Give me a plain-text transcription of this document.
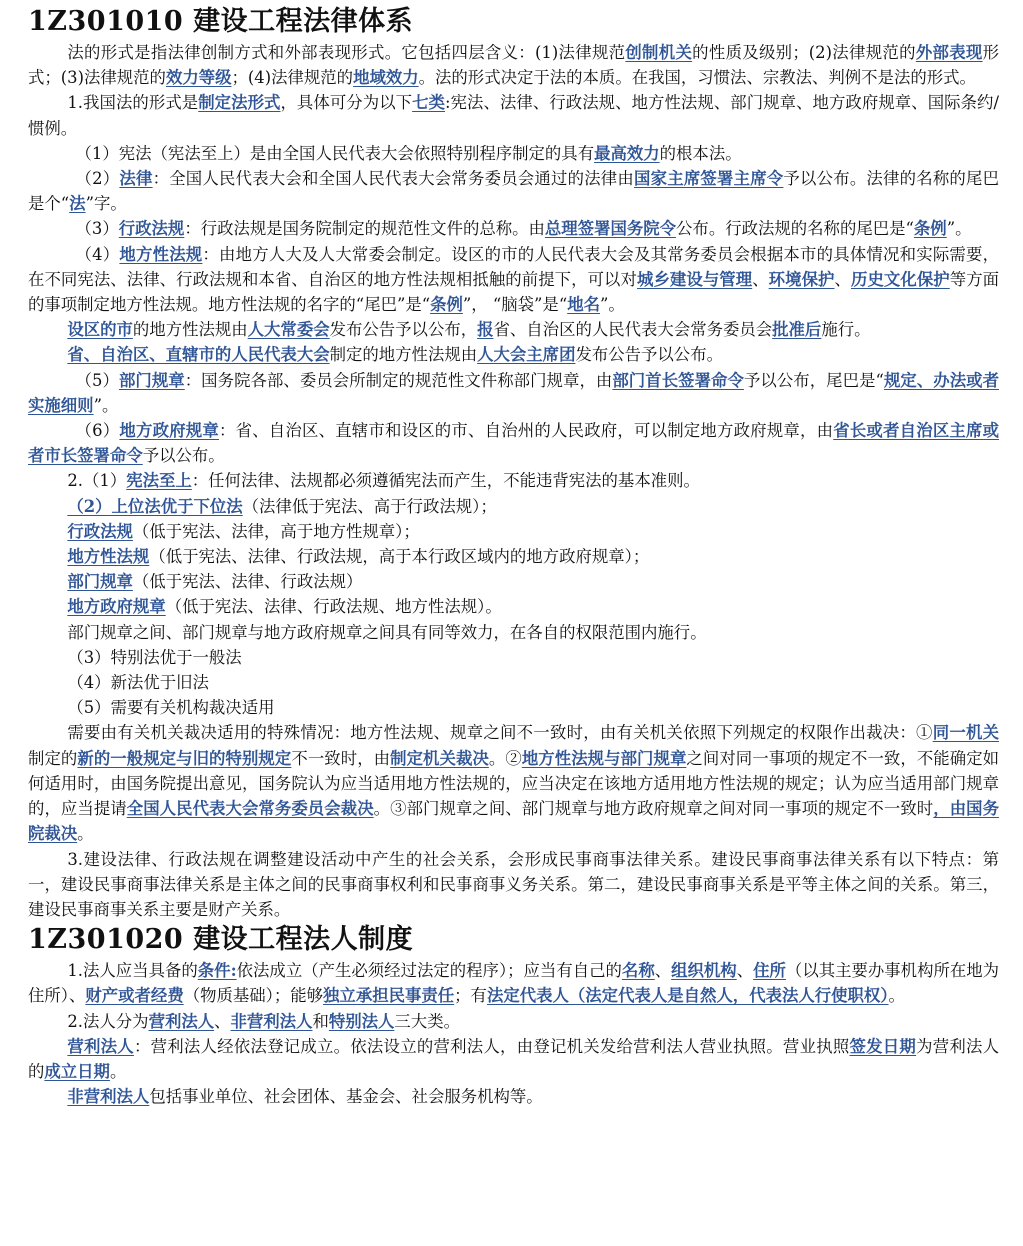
1Z301010 建设工程法律体系

法的形式是指法律创制方式和外部表现形式。它包括四层含义：(1)法律规范创制机关的性质及级别；(2)法律规范的外部表现形式；(3)法律规范的效力等级；(4)法律规范的地域效力。法的形式决定于法的本质。在我国，习惯法、宗教法、判例不是法的形式。

1.我国法的形式是制定法形式，具体可分为以下七类:宪法、法律、行政法规、地方性法规、部门规章、地方政府规章、国际条约/惯例。

（1）宪法（宪法至上）是由全国人民代表大会依照特别程序制定的具有最高效力的根本法。

（2）法律：全国人民代表大会和全国人民代表大会常务委员会通过的法律由国家主席签署主席令予以公布。法律的名称的尾巴是个“法”字。

（3）行政法规：行政法规是国务院制定的规范性文件的总称。由总理签署国务院令公布。行政法规的名称的尾巴是“条例”。

（4）地方性法规：由地方人大及人大常委会制定。设区的市的人民代表大会及其常务委员会根据本市的具体情况和实际需要，在不同宪法、法律、行政法规和本省、自治区的地方性法规相抵触的前提下，可以对城乡建设与管理、环境保护、历史文化保护等方面的事项制定地方性法规。地方性法规的名字的“尾巴”是“条例”， “脑袋”是“地名”。

设区的市的地方性法规由人大常委会发布公告予以公布，报省、自治区的人民代表大会常务委员会批准后施行。

省、自治区、直辖市的人民代表大会制定的地方性法规由人大会主席团发布公告予以公布。

（5）部门规章：国务院各部、委员会所制定的规范性文件称部门规章，由部门首长签署命令予以公布，尾巴是“规定、办法或者实施细则”。

（6）地方政府规章：省、自治区、直辖市和设区的市、自治州的人民政府，可以制定地方政府规章，由省长或者自治区主席或者市长签署命令予以公布。

2.（1）宪法至上：任何法律、法规都必须遵循宪法而产生，不能违背宪法的基本准则。

（2）上位法优于下位法（法律低于宪法、高于行政法规）；

行政法规（低于宪法、法律，高于地方性规章）；

地方性法规（低于宪法、法律、行政法规，高于本行政区域内的地方政府规章）；

部门规章（低于宪法、法律、行政法规）

地方政府规章（低于宪法、法律、行政法规、地方性法规）。

部门规章之间、部门规章与地方政府规章之间具有同等效力，在各自的权限范围内施行。

（3）特别法优于一般法

（4）新法优于旧法

（5）需要有关机构裁决适用

需要由有关机关裁决适用的特殊情况：地方性法规、规章之间不一致时，由有关机关依照下列规定的权限作出裁决：①同一机关制定的新的一般规定与旧的特别规定不一致时，由制定机关裁决。②地方性法规与部门规章之间对同一事项的规定不一致，不能确定如何适用时，由国务院提出意见，国务院认为应当适用地方性法规的，应当决定在该地方适用地方性法规的规定；认为应当适用部门规章的，应当提请全国人民代表大会常务委员会裁决。③部门规章之间、部门规章与地方政府规章之间对同一事项的规定不一致时，由国务院裁决。

3.建设法律、行政法规在调整建设活动中产生的社会关系，会形成民事商事法律关系。建设民事商事法律关系有以下特点：第一，建设民事商事法律关系是主体之间的民事商事权利和民事商事义务关系。第二，建设民事商事关系是平等主体之间的关系。第三，建设民事商事关系主要是财产关系。

1Z301020 建设工程法人制度

1.法人应当具备的条件:依法成立（产生必须经过法定的程序）；应当有自己的名称、组织机构、住所（以其主要办事机构所在地为住所）、财产或者经费（物质基础）；能够独立承担民事责任；有法定代表人（法定代表人是自然人，代表法人行使职权）。

2.法人分为营利法人、非营利法人和特别法人三大类。

营利法人：营利法人经依法登记成立。依法设立的营利法人，由登记机关发给营利法人营业执照。营业执照签发日期为营利法人的成立日期。

非营利法人包括事业单位、社会团体、基金会、社会服务机构等。
